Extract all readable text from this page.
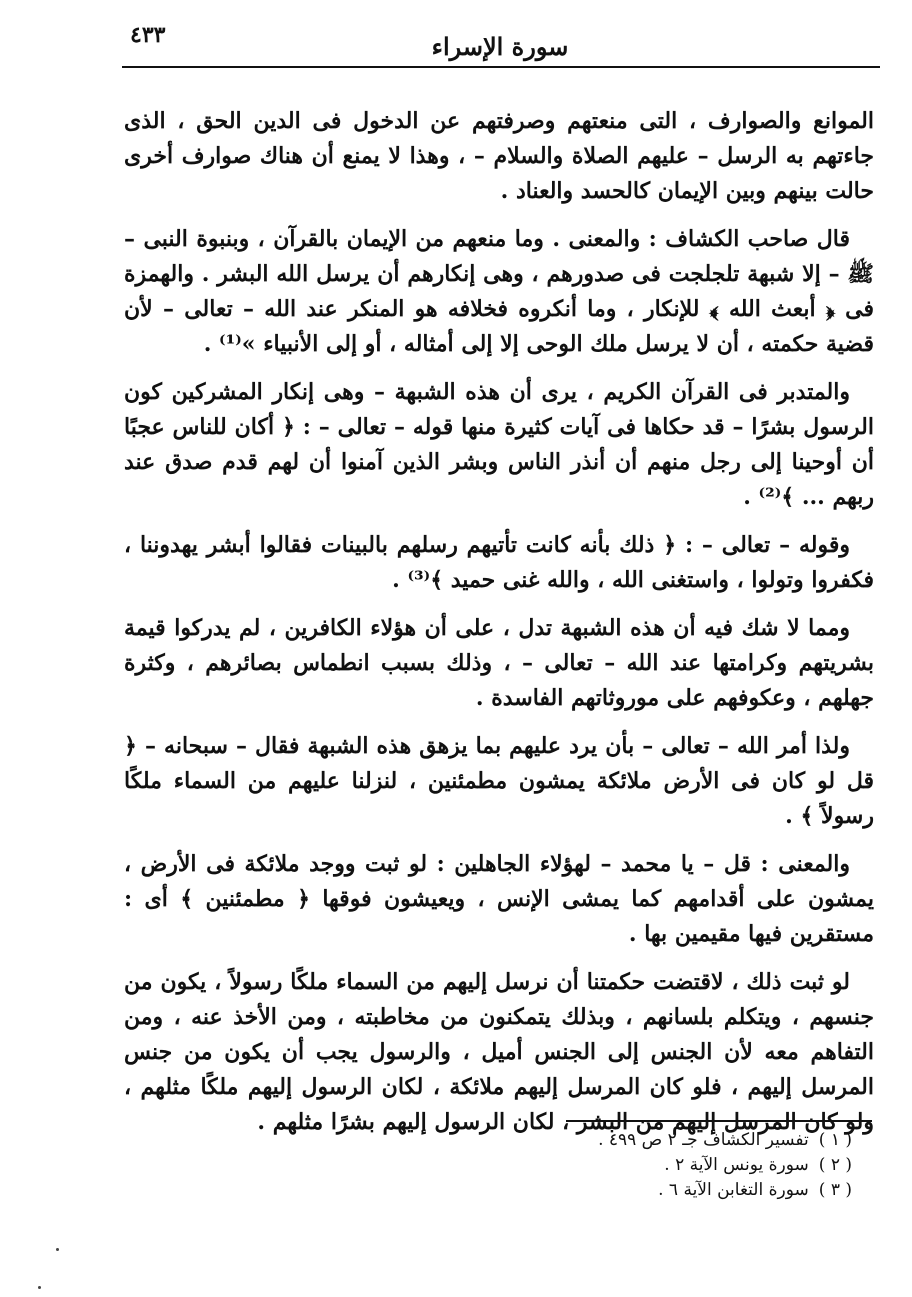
٤٣٣	سورة الإسراء

الموانع والصوارف ، التى منعتهم وصرفتهم عن الدخول فى الدين الحق ، الذى جاءتهم به الرسل – عليهم الصلاة والسلام – ، وهذا لا يمنع أن هناك صوارف أخرى حالت بينهم وبين الإيمان كالحسد والعناد .

قال صاحب الكشاف : والمعنى . وما منعهم من الإيمان بالقرآن ، وبنبوة النبى – ﷺ – إلا شبهة تلجلجت فى صدورهم ، وهى إنكارهم أن يرسل الله البشر . والهمزة فى ﴿ أبعث الله ﴾ للإنكار ، وما أنكروه فخلافه هو المنكر عند الله – تعالى – لأن قضية حكمته ، أن لا يرسل ملك الوحى إلا إلى أمثاله ، أو إلى الأنبياء »⁽¹⁾ .

والمتدبر فى القرآن الكريم ، يرى أن هذه الشبهة – وهى إنكار المشركين كون الرسول بشرًا – قد حكاها فى آيات كثيرة منها قوله – تعالى – : ﴿ أكان للناس عجبًا أن أوحينا إلى رجل منهم أن أنذر الناس وبشر الذين آمنوا أن لهم قدم صدق عند ربهم ... ﴾⁽²⁾ .

وقوله – تعالى – : ﴿ ذلك بأنه كانت تأتيهم رسلهم بالبينات فقالوا أبشر يهدوننا ، فكفروا وتولوا ، واستغنى الله ، والله غنى حميد ﴾⁽³⁾ .

ومما لا شك فيه أن هذه الشبهة تدل ، على أن هؤلاء الكافرين ، لم يدركوا قيمة بشريتهم وكرامتها عند الله – تعالى – ، وذلك بسبب انطماس بصائرهم ، وكثرة جهلهم ، وعكوفهم على موروثاتهم الفاسدة .

ولذا أمر الله – تعالى – بأن يرد عليهم بما يزهق هذه الشبهة فقال – سبحانه – ﴿ قل لو كان فى الأرض ملائكة يمشون مطمئنين ، لنزلنا عليهم من السماء ملكًا رسولاً ﴾ .

والمعنى : قل – يا محمد – لهؤلاء الجاهلين : لو ثبت ووجد ملائكة فى الأرض ، يمشون على أقدامهم كما يمشى الإنس ، ويعيشون فوقها ﴿ مطمئنين ﴾ أى : مستقرين فيها مقيمين بها .

لو ثبت ذلك ، لاقتضت حكمتنا أن نرسل إليهم من السماء ملكًا رسولاً ، يكون من جنسهم ، ويتكلم بلسانهم ، وبذلك يتمكنون من مخاطبته ، ومن الأخذ عنه ، ومن التفاهم معه لأن الجنس إلى الجنس أميل ، والرسول يجب أن يكون من جنس المرسل إليهم ، فلو كان المرسل إليهم ملائكة ، لكان الرسول إليهم ملكًا مثلهم ، ولو كان المرسل إليهم من البشر ، لكان الرسول إليهم بشرًا مثلهم .

( ١ )تفسير الكشاف جـ ٢ ص ٤٩٩ .

( ٢ )سورة يونس الآية ٢ .

( ٣ )سورة التغابن الآية ٦ .
